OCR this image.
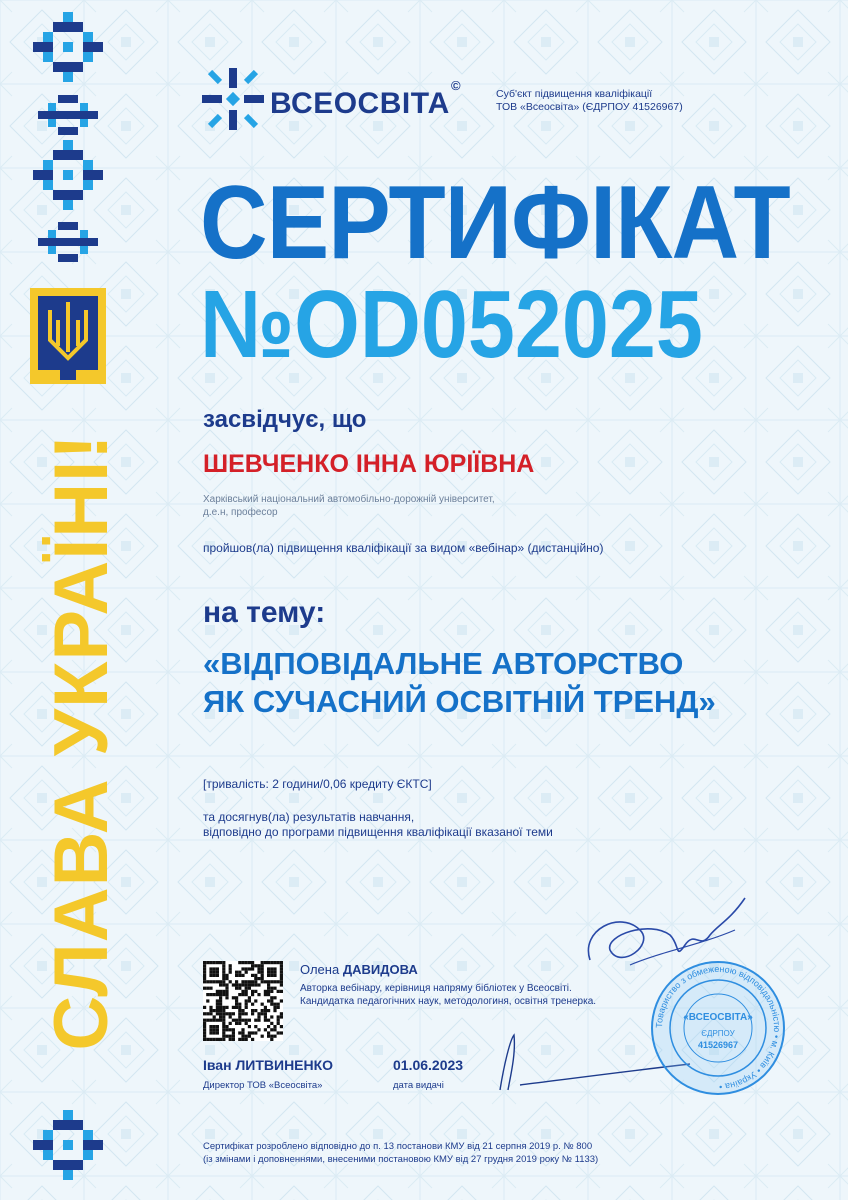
СЛАВА УКРАЇНІ!
ВСЕОСВІТА
©
Суб'єкт підвищення кваліфікації
ТОВ «Всеосвіта» (ЄДРПОУ 41526967)
СЕРТИФІКАТ
№OD052025
засвідчує, що
ШЕВЧЕНКО ІННА ЮРІЇВНА
Харківський національний автомобільно-дорожній університет,
д.е.н, професор
пройшов(ла) підвищення кваліфікації за видом «вебінар» (дистанційно)
на тему:
«ВІДПОВІДАЛЬНЕ АВТОРСТВО
ЯК СУЧАСНИЙ ОСВІТНІЙ ТРЕНД»
[тривалість: 2 години/0,06 кредиту ЄКТС]
та досягнув(ла) результатів навчання,
відповідно до програми підвищення кваліфікації вказаної теми
Олена ДАВИДОВА
Авторка вебінару, керівниця напряму бібліотек у Всеосвіті.
Кандидатка педагогічних наук, методологиня, освітня тренерка.
Іван ЛИТВИНЕНКО
Директор ТОВ «Всеосвіта»
01.06.2023
дата видачі
Товариство з обмеженою відповідальністю • м. Київ • Україна •
«ВСЕОСВІТА»
ЄДРПОУ
41526967
Сертифікат розроблено відповідно до п. 13 постанови КМУ від 21 серпня 2019 р. № 800
(із змінами і доповненнями, внесеними постановою КМУ від 27 грудня 2019 року № 1133)
